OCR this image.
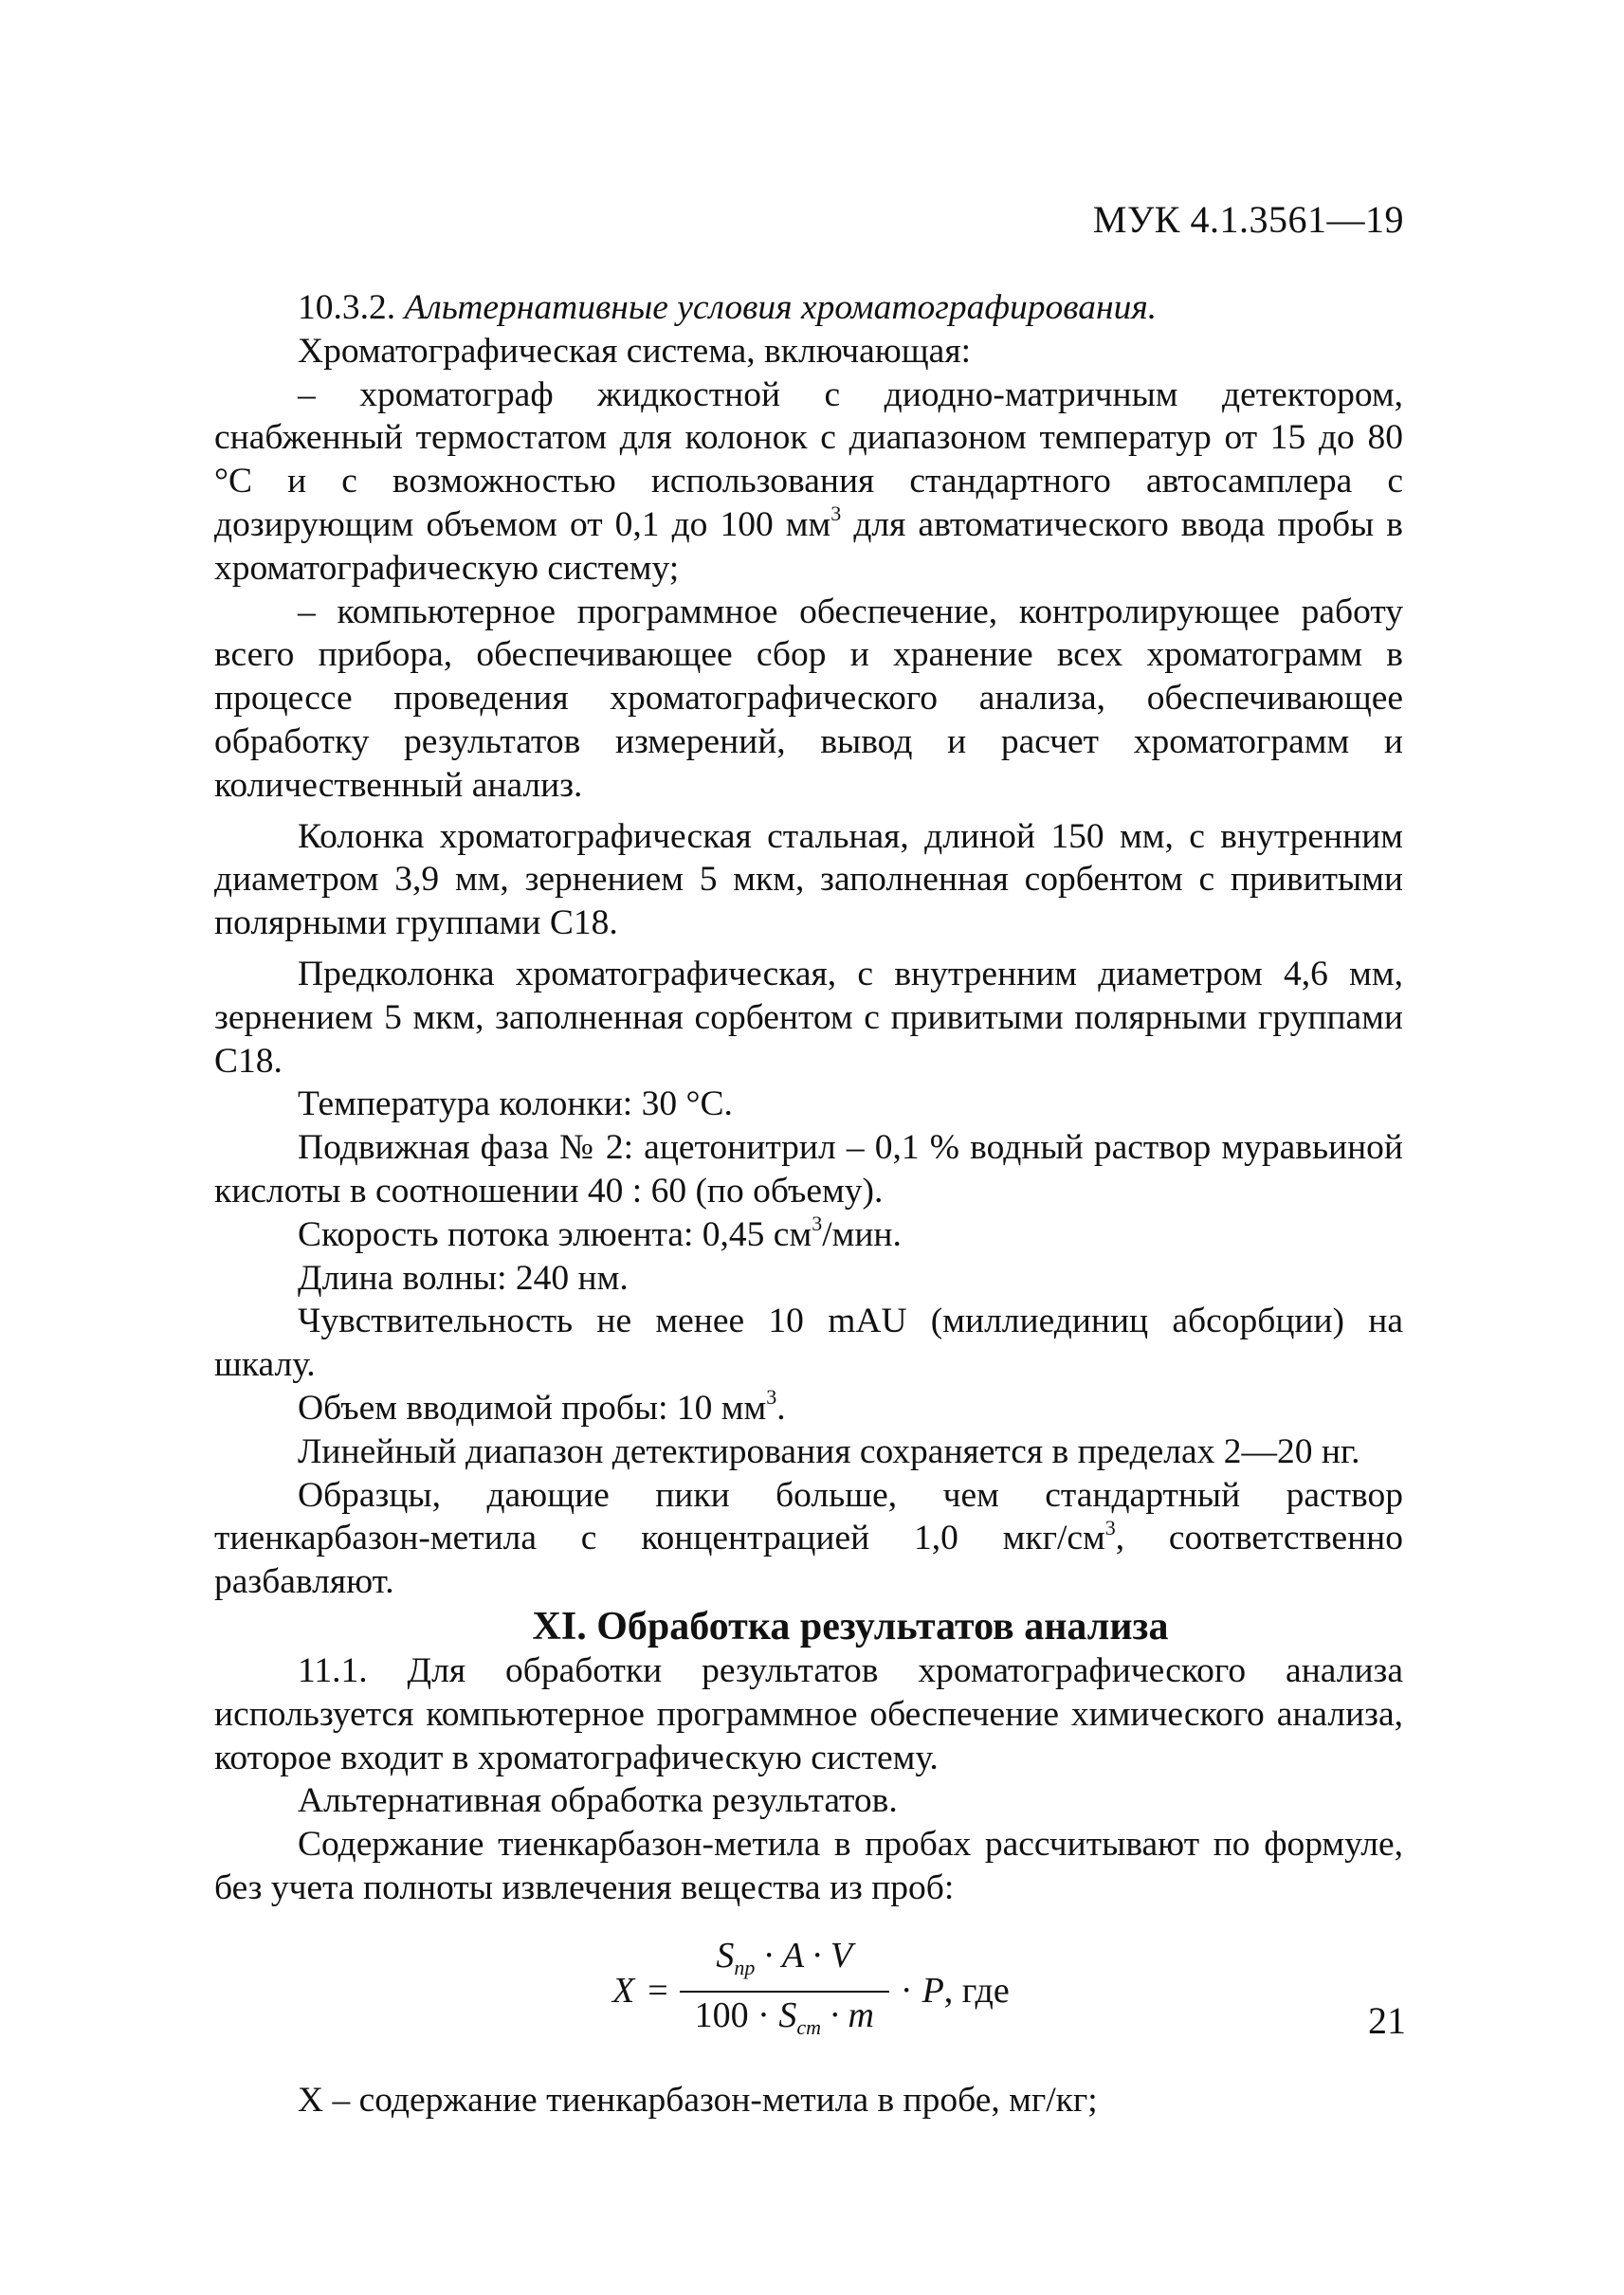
МУК 4.1.3561—19

10.3.2. Альтернативные условия хроматографирования.

Хроматографическая система, включающая:

– хроматограф жидкостной с диодно-матричным детектором, снабженный термостатом для колонок с диапазоном температур от 15 до 80 °С и с возможностью использования стандартного автосамплера с дозирующим объемом от 0,1 до 100 $мм^3$ для автоматического ввода пробы в хроматографическую систему;

– компьютерное программное обеспечение, контролирующее работу всего прибора, обеспечивающее сбор и хранение всех хроматограмм в процессе проведения хроматографического анализа, обеспечивающее обработку результатов измерений, вывод и расчет хроматограмм и количественный анализ.

Колонка хроматографическая стальная, длиной 150 мм, с внутренним диаметром 3,9 мм, зернением 5 мкм, заполненная сорбентом с привитыми полярными группами С18.

Предколонка хроматографическая, с внутренним диаметром 4,6 мм, зернением 5 мкм, заполненная сорбентом с привитыми полярными группами С18.

Температура колонки: 30 °С.

Подвижная фаза № 2: ацетонитрил – 0,1 % водный раствор муравьиной кислоты в соотношении 40 : 60 (по объему).

Скорость потока элюента: 0,45 $см^3$/мин.

Длина волны: 240 нм.

Чувствительность не менее 10 mAU (миллиединиц абсорбции) на шкалу.

Объем вводимой пробы: 10 $мм^3$.

Линейный диапазон детектирования сохраняется в пределах 2—20 нг.

Образцы, дающие пики больше, чем стандартный раствор тиенкарбазон-метила с концентрацией 1,0 мкг/$см^3$, соответственно разбавляют.

XI. Обработка результатов анализа

11.1. Для обработки результатов хроматографического анализа используется компьютерное программное обеспечение химического анализа, которое входит в хроматографическую систему.

Альтернативная обработка результатов.

Содержание тиенкарбазон-метила в пробах рассчитывают по формуле, без учета полноты извлечения вещества из проб:

$X = \frac{S_{пр} \cdot A \cdot V}{100 \cdot S_{ст} \cdot m} \cdot P$ , где

X – содержание тиенкарбазон-метила в пробе, мг/кг;

21
